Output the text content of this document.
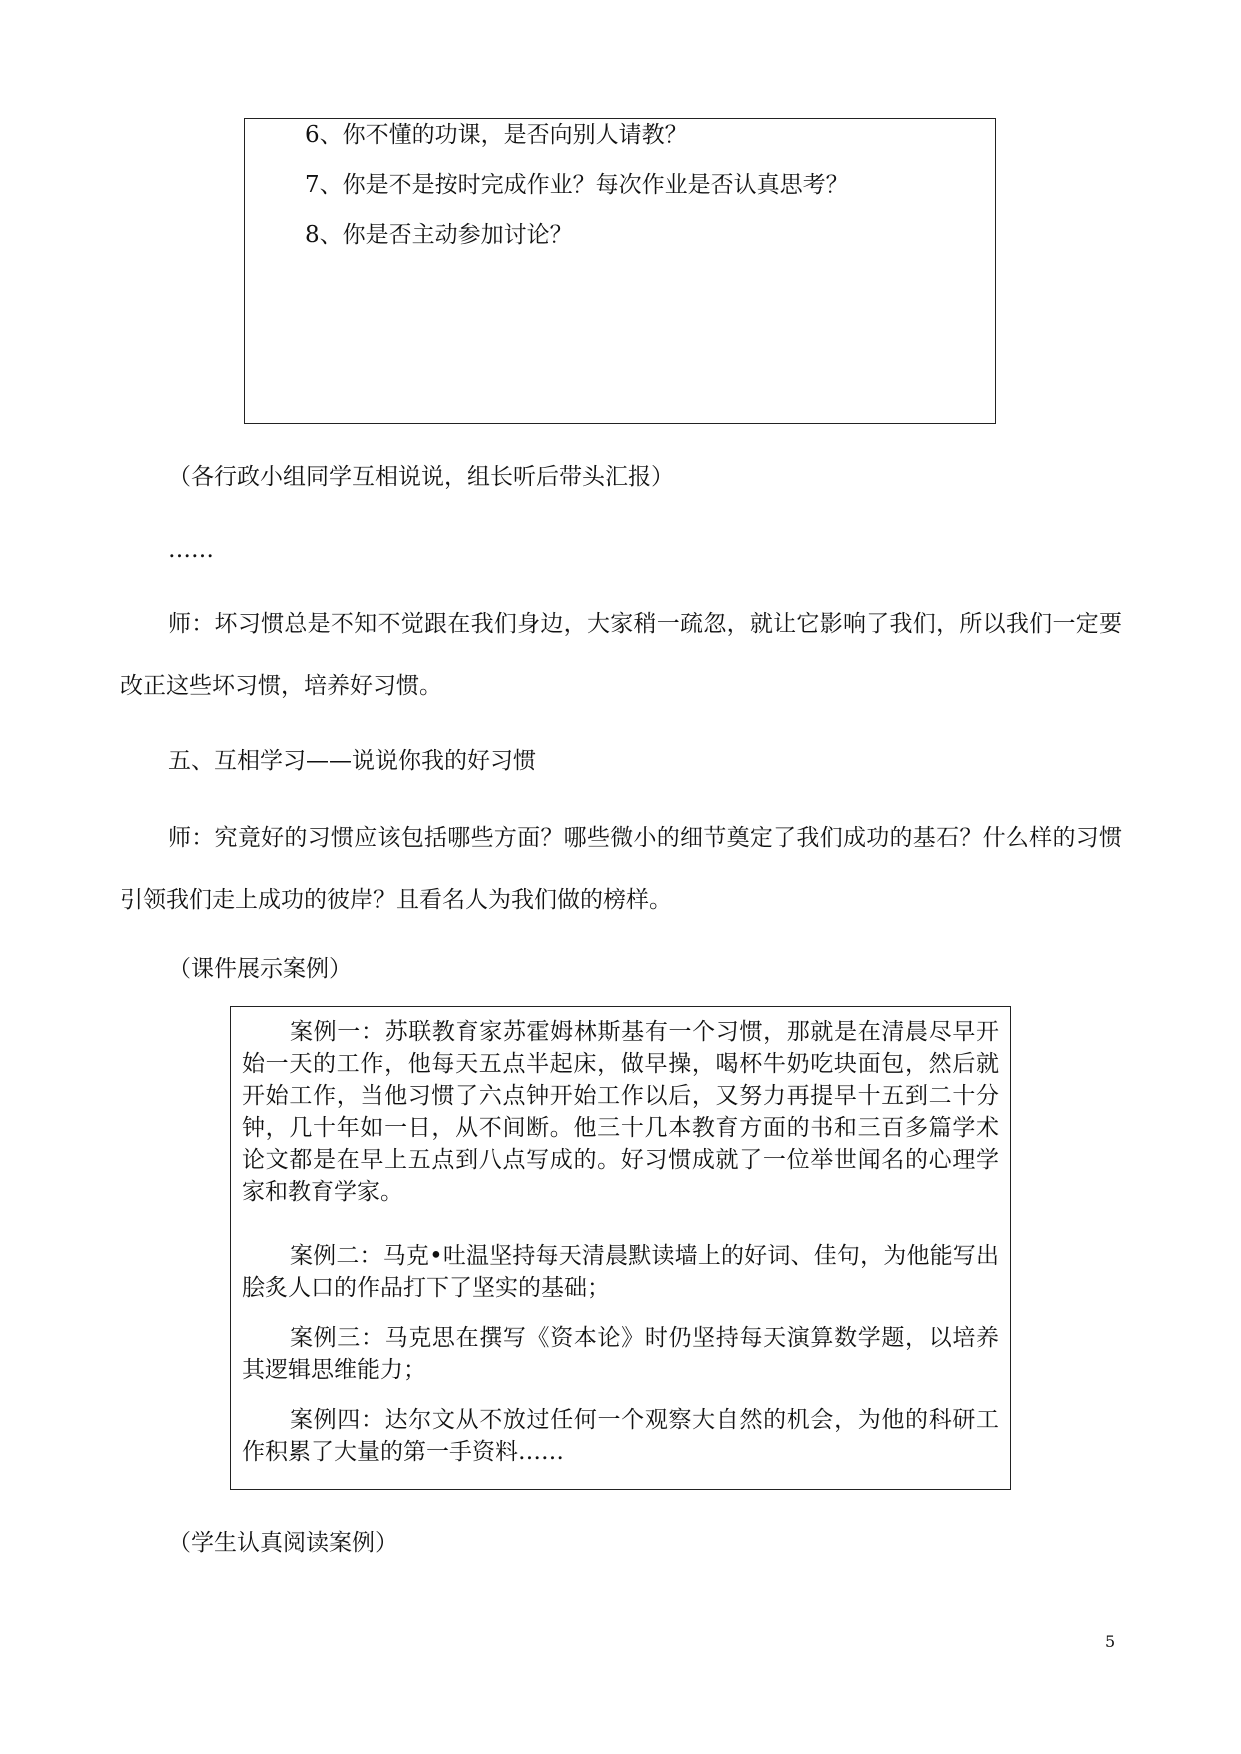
6、你不懂的功课，是否向别人请教？
7、你是不是按时完成作业？每次作业是否认真思考？
8、你是否主动参加讨论？
（各行政小组同学互相说说，组长听后带头汇报）
……
师：坏习惯总是不知不觉跟在我们身边，大家稍一疏忽，就让它影响了我们，所以我们一定要改正这些坏习惯，培养好习惯。
五、互相学习——说说你我的好习惯
师：究竟好的习惯应该包括哪些方面？哪些微小的细节奠定了我们成功的基石？什么样的习惯引领我们走上成功的彼岸？且看名人为我们做的榜样。
（课件展示案例）
案例一：苏联教育家苏霍姆林斯基有一个习惯，那就是在清晨尽早开始一天的工作，他每天五点半起床，做早操，喝杯牛奶吃块面包，然后就开始工作，当他习惯了六点钟开始工作以后，又努力再提早十五到二十分钟，几十年如一日，从不间断。他三十几本教育方面的书和三百多篇学术论文都是在早上五点到八点写成的。好习惯成就了一位举世闻名的心理学家和教育学家。
案例二：马克•吐温坚持每天清晨默读墙上的好词、佳句，为他能写出脍炙人口的作品打下了坚实的基础；
案例三：马克思在撰写《资本论》时仍坚持每天演算数学题，以培养其逻辑思维能力；
案例四：达尔文从不放过任何一个观察大自然的机会，为他的科研工作积累了大量的第一手资料……
（学生认真阅读案例）
5
